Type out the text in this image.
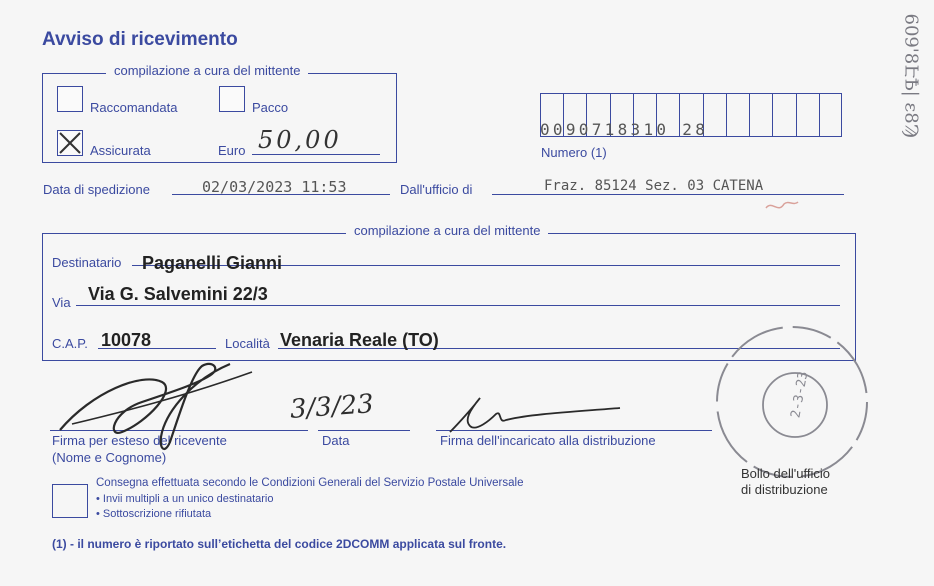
Avviso di ricevimento
compilazione a cura del mittente
Raccomandata	Pacco
Assicurata	Euro 50,00	0090718310 28
Numero (1)
Data di spedizione	02/03/2023 11:53	Dall'ufficio di	Fraz. 85124 Sez. 03 CATENA
compilazione a cura del mittente
Destinatario Paganelli Gianni
Via Via G. Salvemini 22/3
C.A.P. 10078	Località Venaria Reale (TO)
Firma per esteso del ricevente
(Nome e Cognome)
Data	Firma dell'incaricato alla distribuzione
3/3/23	2-3-23
Bollo dell'ufficio
di distribuzione
Consegna effettuata secondo le Condizioni Generali del Servizio Postale Universale
• Invii multipli a un unico destinatario
• Sottoscrizione rifiutata
(1) - il numero è riportato sull’etichetta del codice 2DCOMM applicata sul fronte.
609'8ԷҌ| ԑ8Ϡ
